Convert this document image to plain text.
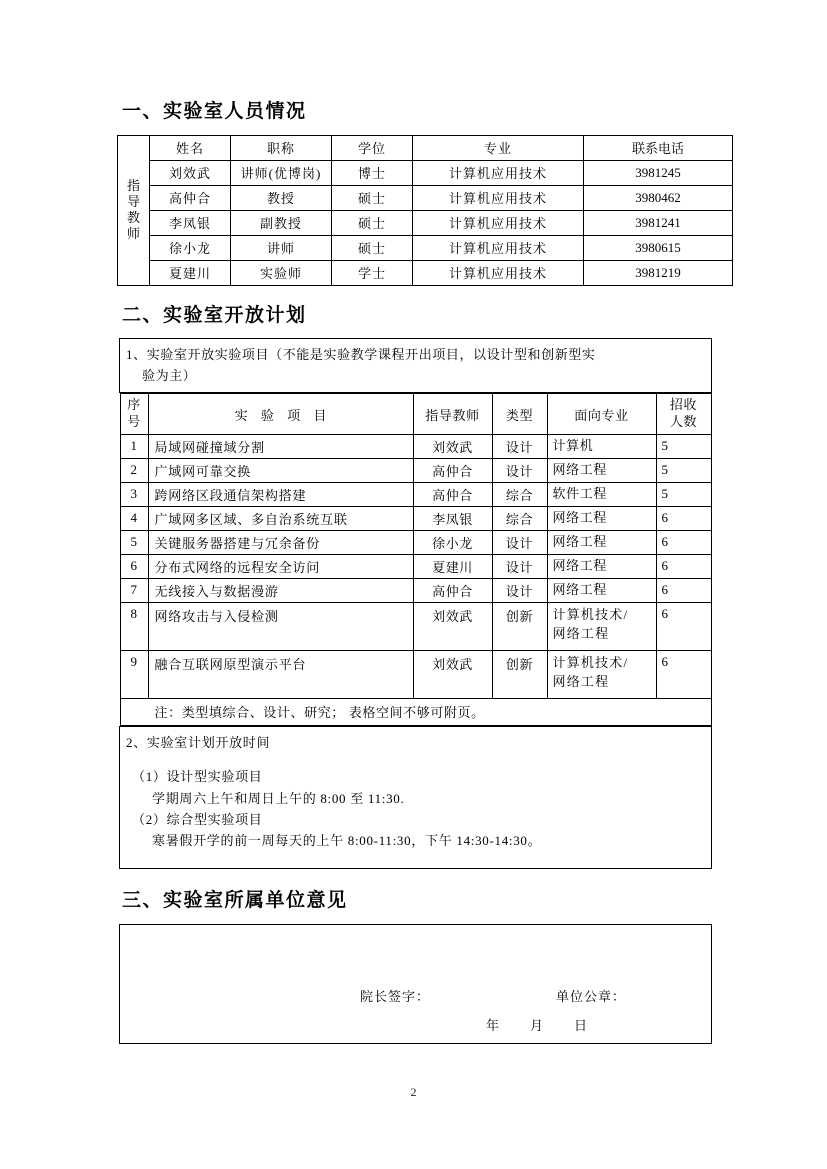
一、实验室人员情况
指
导
教
师	姓名	职称	学位	专业	联系电话
	刘效武	讲师(优博岗)	博士	计算机应用技术	3981245
	高仲合	教授	硕士	计算机应用技术	3980462
	李凤银	副教授	硕士	计算机应用技术	3981241
	徐小龙	讲师	硕士	计算机应用技术	3980615
	夏建川	实验师	学士	计算机应用技术	3981219
二、实验室开放计划
1、实验室开放实验项目（不能是实验教学课程开出项目，以设计型和创新型实
验为主）

序
号	实 验 项 目	指导教师	类型	面向专业	招收
人数
1	局域网碰撞域分割	刘效武	设计	计算机	5
2	广域网可靠交换	高仲合	设计	网络工程	5
3	跨网络区段通信架构搭建	高仲合	综合	软件工程	5
4	广域网多区域、多自治系统互联	李凤银	综合	网络工程	6
5	关键服务器搭建与冗余备份	徐小龙	设计	网络工程	6
6	分布式网络的远程安全访问	夏建川	设计	网络工程	6
7	无线接入与数据漫游	高仲合	设计	网络工程	6
8	网络攻击与入侵检测	刘效武	创新	计算机技术/
网络工程	6
9	融合互联网原型演示平台	刘效武	创新	计算机技术/
网络工程	6
注：类型填综合、设计、研究； 表格空间不够可附页。

2、实验室计划开放时间
（1）设计型实验项目
学期周六上午和周日上午的 8:00 至 11:30.
（2）综合型实验项目
寒暑假开学的前一周每天的上午 8:00-11:30，下午 14:30-14:30。
三、实验室所属单位意见
院长签字：	单位公章：
年 月 日
2
